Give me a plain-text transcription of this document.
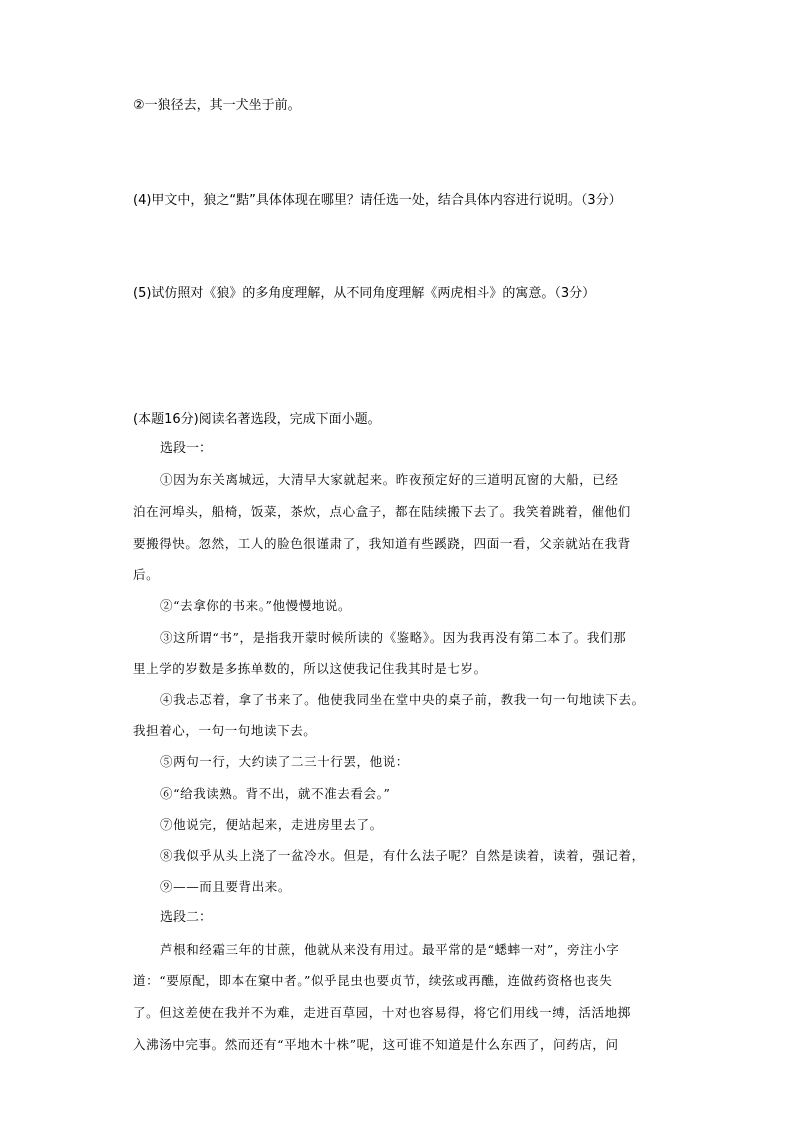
②一狼径去，其一犬坐于前。
(4)甲文中，狼之“黠”具体体现在哪里？请任选一处，结合具体内容进行说明。（3分）
(5)试仿照对《狼》的多角度理解，从不同角度理解《两虎相斗》的寓意。（3分）
(本题16分)阅读名著选段，完成下面小题。
选段一：
①因为东关离城远，大清早大家就起来。昨夜预定好的三道明瓦窗的大船，已经
泊在河埠头，船椅，饭菜，茶炊，点心盒子，都在陆续搬下去了。我笑着跳着，催他们
要搬得快。忽然，工人的脸色很谨肃了，我知道有些蹊跷，四面一看，父亲就站在我背
后。
②“去拿你的书来。”他慢慢地说。
③这所谓“书”，是指我开蒙时候所读的《鉴略》。因为我再没有第二本了。我们那
里上学的岁数是多拣单数的，所以这使我记住我其时是七岁。
④我忐忑着，拿了书来了。他使我同坐在堂中央的桌子前，教我一句一句地读下去。
我担着心，一句一句地读下去。
⑤两句一行，大约读了二三十行罢，他说：
⑥“给我读熟。背不出，就不准去看会。”
⑦他说完，便站起来，走进房里去了。
⑧我似乎从头上浇了一盆冷水。但是，有什么法子呢？自然是读着，读着，强记着，
⑨——而且要背出来。
选段二：
芦根和经霜三年的甘蔗，他就从来没有用过。最平常的是“蟋蟀一对”，旁注小字
道：“要原配，即本在窠中者。”似乎昆虫也要贞节，续弦或再醮，连做药资格也丧失
了。但这差使在我并不为难，走进百草园，十对也容易得，将它们用线一缚，活活地掷
入沸汤中完事。然而还有“平地木十株”呢，这可谁不知道是什么东西了，问药店，问
